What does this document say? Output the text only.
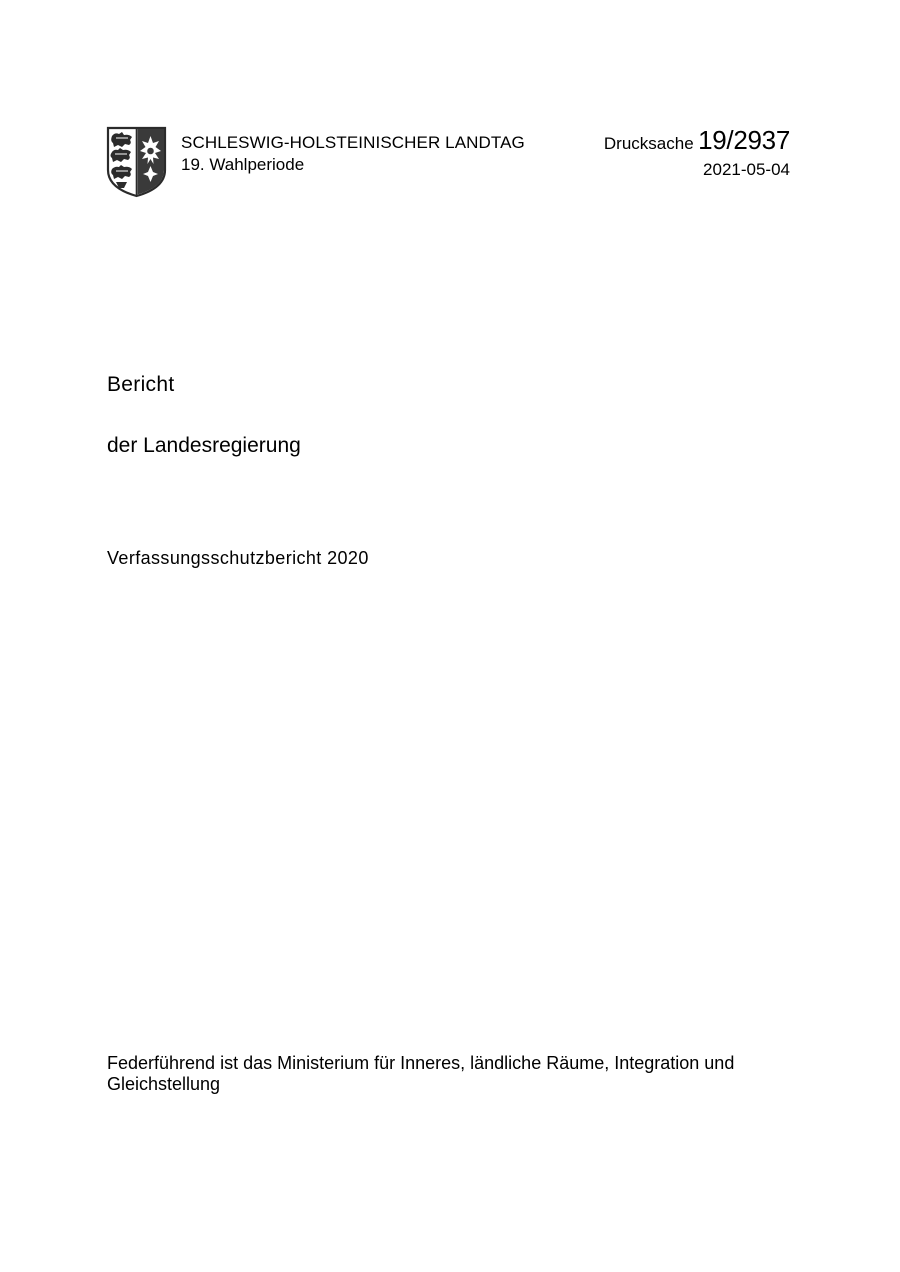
SCHLESWIG-HOLSTEINISCHER LANDTAG
19. Wahlperiode
Drucksache 19/2937
2021-05-04
Bericht
der Landesregierung
Verfassungsschutzbericht 2020
Federführend ist das Ministerium für Inneres, ländliche Räume, Integration und
Gleichstellung
